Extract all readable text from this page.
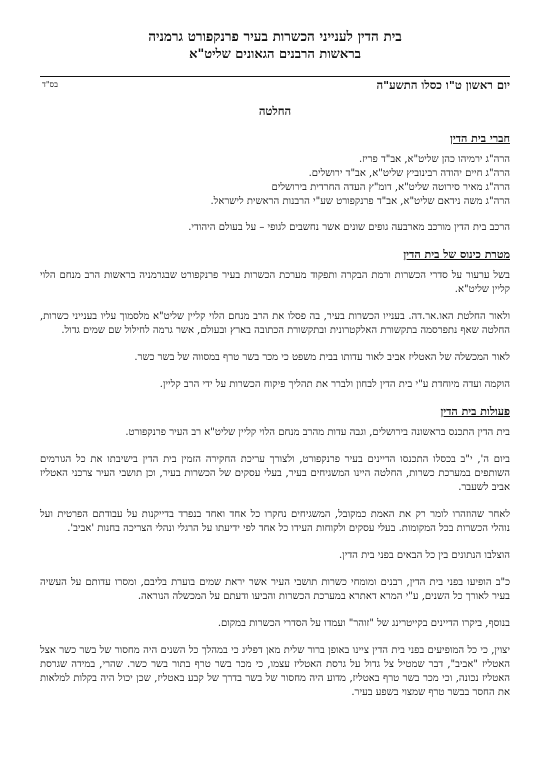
בית הדין לענייני הכשרות בעיר פרנקפורט גרמניה
בראשות הרבנים הגאונים שליט"א
בס"ד	יום ראשון ט"ו כסלו התשע"ה
החלטה
חברי בית הדין
הרה"ג ירמיהו כהן שליט"א, אב"ד פריז.
הרה"ג חיים יהודה רבינוביץ שליט"א, אב"ד ירושלים.
הרה"ג מאיר סירוטה שליט"א, דומ"ץ העדה החרדית בירושלים
הרה"ג משה נידאם שליט"א, אב"ד פרנקפורט שע"י הרבנות הראשית לישראל.

הרכב בית הדין מורכב מארבעה גופים שונים אשר נחשבים לגופי – על בעולם היהודי.

מטרת כינוס של בית הדין

בשל ערעור על סדרי הכשרות ורמת הבקרה ותפקוד מערכת הכשרות בעיר פרנקפורט שבגרמניה בראשות הרב מנחם הלוי קליין שליט"א.

ולאור החלטת האו.אר.דה. בענייו הכשרות בעיר, בה פסלו את הרב מנחם הלוי קליין שליט"א מלסמוך עליו בענייני כשרות, החלטה שאף נתפרסמה בתקשורת האלקטרונית ובתקשורת הכתובה בארץ ובעולם, אשר גרמה לחילול שם שמים גדול.

לאור המכשלה של האטליז אביב לאור עדותו בבית משפט כי מכר בשר טרף במסווה של בשר כשר.

הוקמה ועדה מיוחדת ע"י בית הדין לבחון ולברר את תהליך פיקוח הכשרות על ידי הרב קליין.

פעולות בית הדין

בית הדין התכנס בראשונה בירושלים, וגבה עדות מהרב מנחם הלוי קליין שליט"א רב העיר פרנקפורט.

ביום ה', י"ב בכסלו התכנסו הדיינים בעיר פרנקפורט, ולצורך עריכת החקירה הזמין בית הדין בישיבתו את כל הגורמים השותפים במערכת כשרות, החלטה היינו המשגיחים בעיר, בעלי עסקים של הכשרות בעיר, וכן תושבי העיר צרכני האטליז אביב לשעבר.

לאחר שהוזהרו לומר רק את האמת כמקובל, המשגיחים נחקרו כל אחד ואחד בנפרד בדייקנות על עבודתם הפרטית ועל נוהלי הכשרות בכל המקומות. בעלי עסקים ולקוחות העידו כל אחד לפי ידיעתו על הרגלי ונהלי הצריכה בחנות 'אביב'.

הוצלבו הנתונים בין כל הבאים בפני בית הדין.

כ"ב הופיעו בפני בית הדין, רבנים ומומחי כשרות תושבי העיר אשר יראת שמים בוערת בליבם, ומסרו עדותם על העשיה בעיר לאורך כל השנים, ע"י המרא דאתרא במערכת הכשרות והביעו ודעתם על המכשלה הנוראה.

בנוסף, ביקרו הדיינים בקייטרינג של "זוהר" ועמדו על הסדרי הכשרות במקום.

יצוין, כי כל המופיעים בפני בית הדין ציינו באופן ברור שלית מאן דפליג כי במהלך כל השנים היה מחסור של בשר כשר אצל האטליז "אביב", דבר שמטיל צל גדול על גרסת האטליז עצמו, כי מכר בשר טרף בתור בשר כשר. שהרי, במידה שגרסת האטליז נכונה, וכי מכר בשר טרף באטליז, מדוע היה מחסור של בשר בדרך של קבע באטליז, שכן יכול היה בקלות למלאות את החסר בבשר טרף שמצוי בשפע בעיר.
